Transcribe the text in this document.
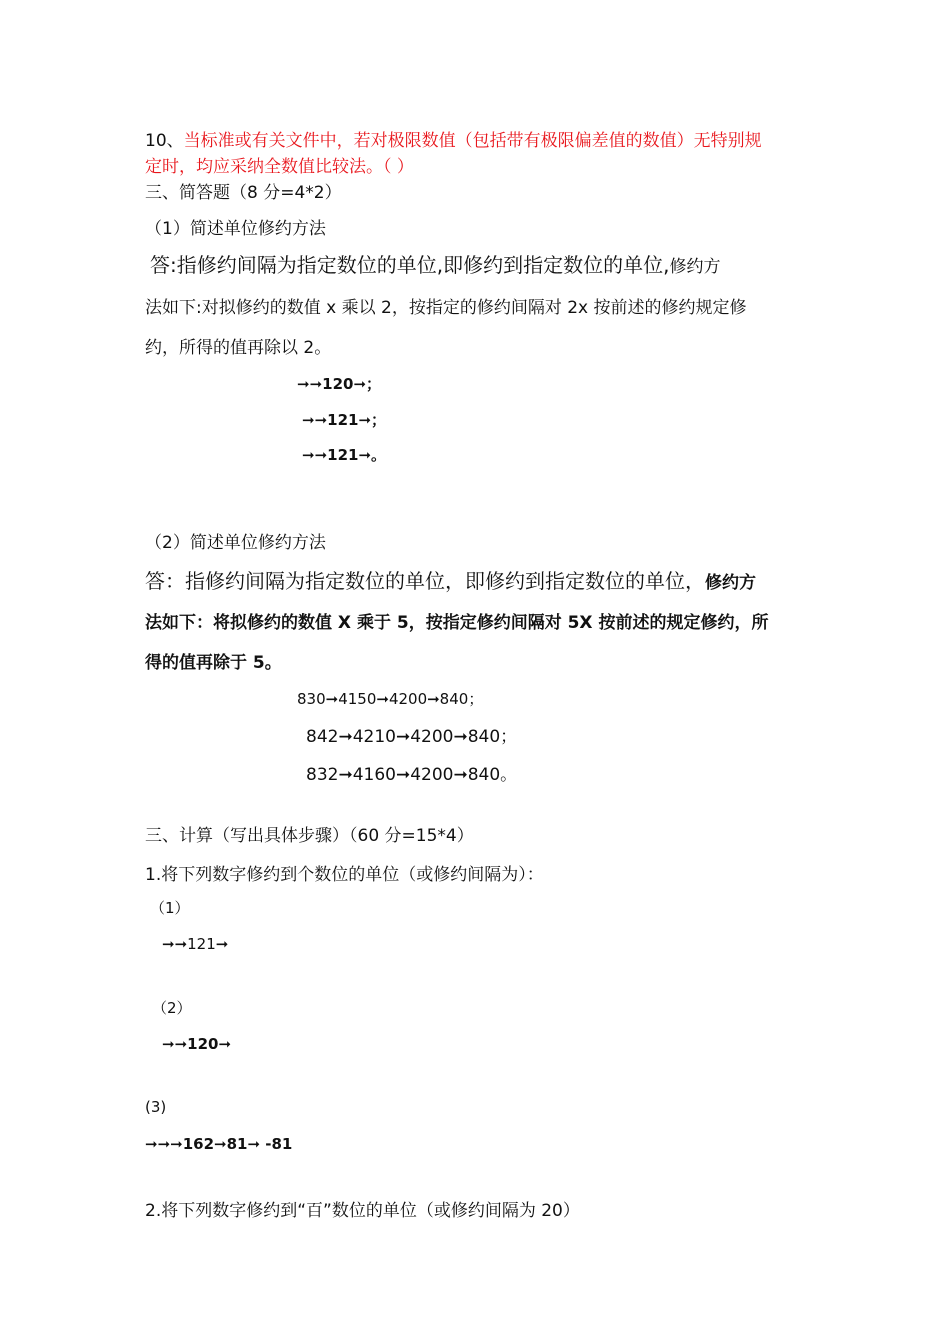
10、当标准或有关文件中，若对极限数值（包括带有极限偏差值的数值）无特别规
定时，均应采纳全数值比较法。（ ）
三、简答题（8 分=4*2）
（1）简述单位修约方法
答:指修约间隔为指定数位的单位,即修约到指定数位的单位,修约方
法如下:对拟修约的数值 x 乘以 2，按指定的修约间隔对 2x 按前述的修约规定修
约，所得的值再除以 2。
➞➞120➞；
➞➞121➞；
➞➞121➞。
（2）简述单位修约方法
答：指修约间隔为指定数位的单位，即修约到指定数位的单位，修约方
法如下：将拟修约的数值 X 乘于 5，按指定修约间隔对 5X 按前述的规定修约，所
得的值再除于 5。
830➞4150➞4200➞840；
842➞4210➞4200➞840；
832➞4160➞4200➞840。
三、计算（写出具体步骤）（60 分=15*4）
1.将下列数字修约到个数位的单位（或修约间隔为）：
（1）
➞➞121➞
（2）
➞➞120➞
(3)
➞➞➞162➞81➞ -81
2.将下列数字修约到“百”数位的单位（或修约间隔为 20）
